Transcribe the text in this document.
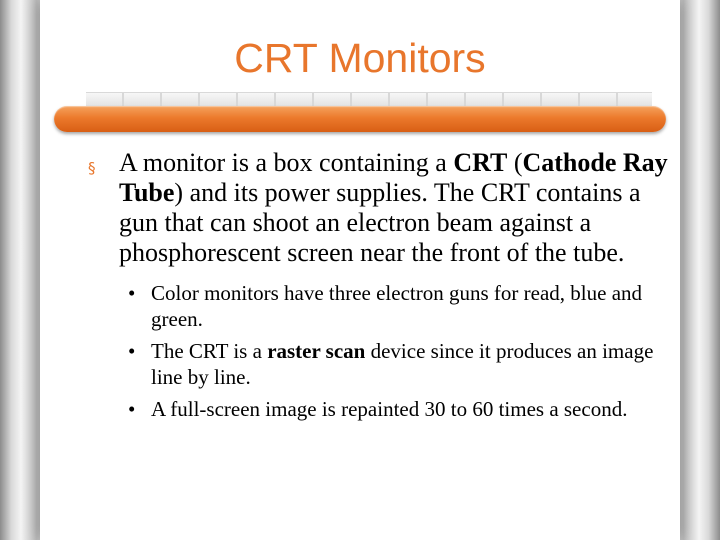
CRT Monitors
§ A monitor is a box containing a CRT (Cathode Ray Tube) and its power supplies. The CRT contains a gun that can shoot an electron beam against a phosphorescent screen near the front of the tube.
• Color monitors have three electron guns for read, blue and green.
• The CRT is a raster scan device since it produces an image line by line.
• A full-screen image is repainted 30 to 60 times a second.
